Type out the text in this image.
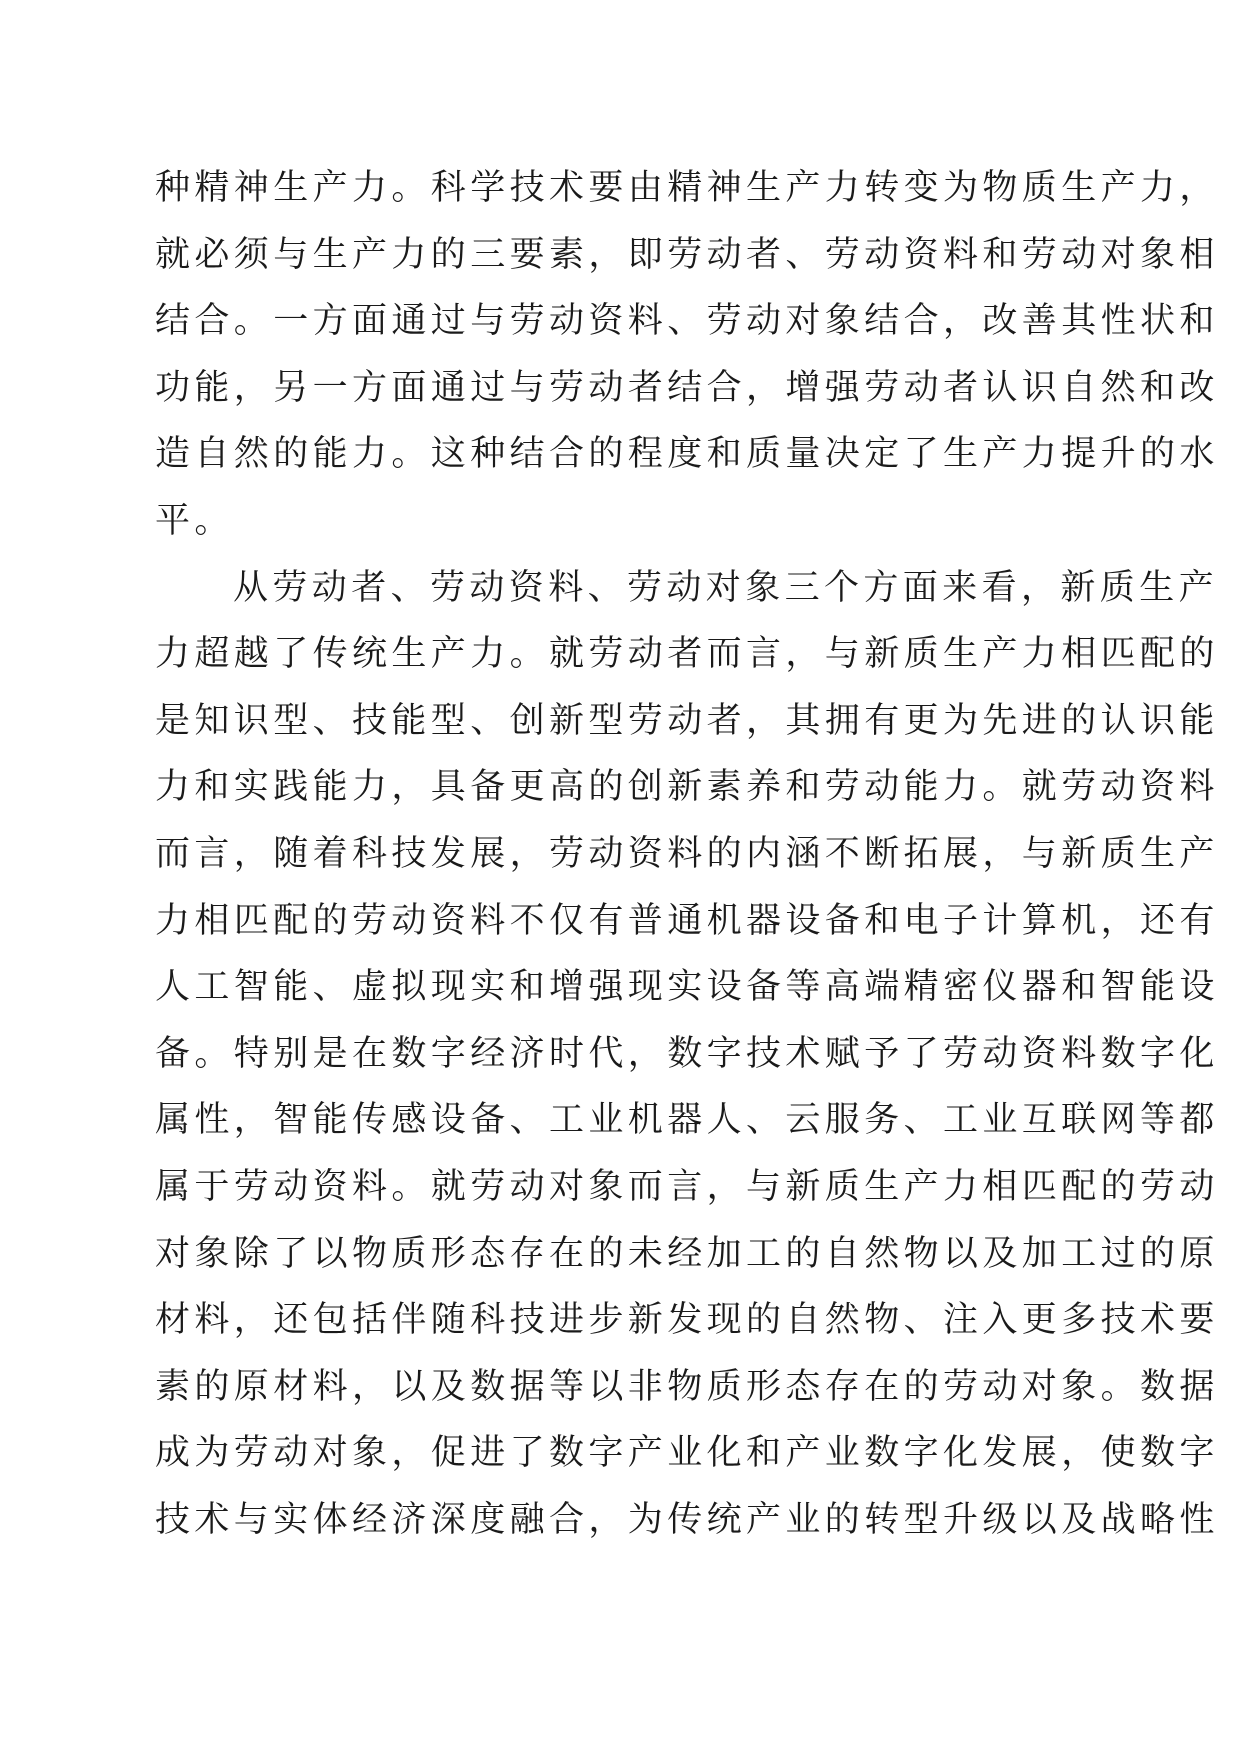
种精神生产力。科学技术要由精神生产力转变为物质生产力，
就必须与生产力的三要素，即劳动者、劳动资料和劳动对象相
结合。一方面通过与劳动资料、劳动对象结合，改善其性状和
功能，另一方面通过与劳动者结合，增强劳动者认识自然和改
造自然的能力。这种结合的程度和质量决定了生产力提升的水
平。
从劳动者、劳动资料、劳动对象三个方面来看，新质生产
力超越了传统生产力。就劳动者而言，与新质生产力相匹配的
是知识型、技能型、创新型劳动者，其拥有更为先进的认识能
力和实践能力，具备更高的创新素养和劳动能力。就劳动资料
而言，随着科技发展，劳动资料的内涵不断拓展，与新质生产
力相匹配的劳动资料不仅有普通机器设备和电子计算机，还有
人工智能、虚拟现实和增强现实设备等高端精密仪器和智能设
备。特别是在数字经济时代，数字技术赋予了劳动资料数字化
属性，智能传感设备、工业机器人、云服务、工业互联网等都
属于劳动资料。就劳动对象而言，与新质生产力相匹配的劳动
对象除了以物质形态存在的未经加工的自然物以及加工过的原
材料，还包括伴随科技进步新发现的自然物、注入更多技术要
素的原材料，以及数据等以非物质形态存在的劳动对象。数据
成为劳动对象，促进了数字产业化和产业数字化发展，使数字
技术与实体经济深度融合，为传统产业的转型升级以及战略性
